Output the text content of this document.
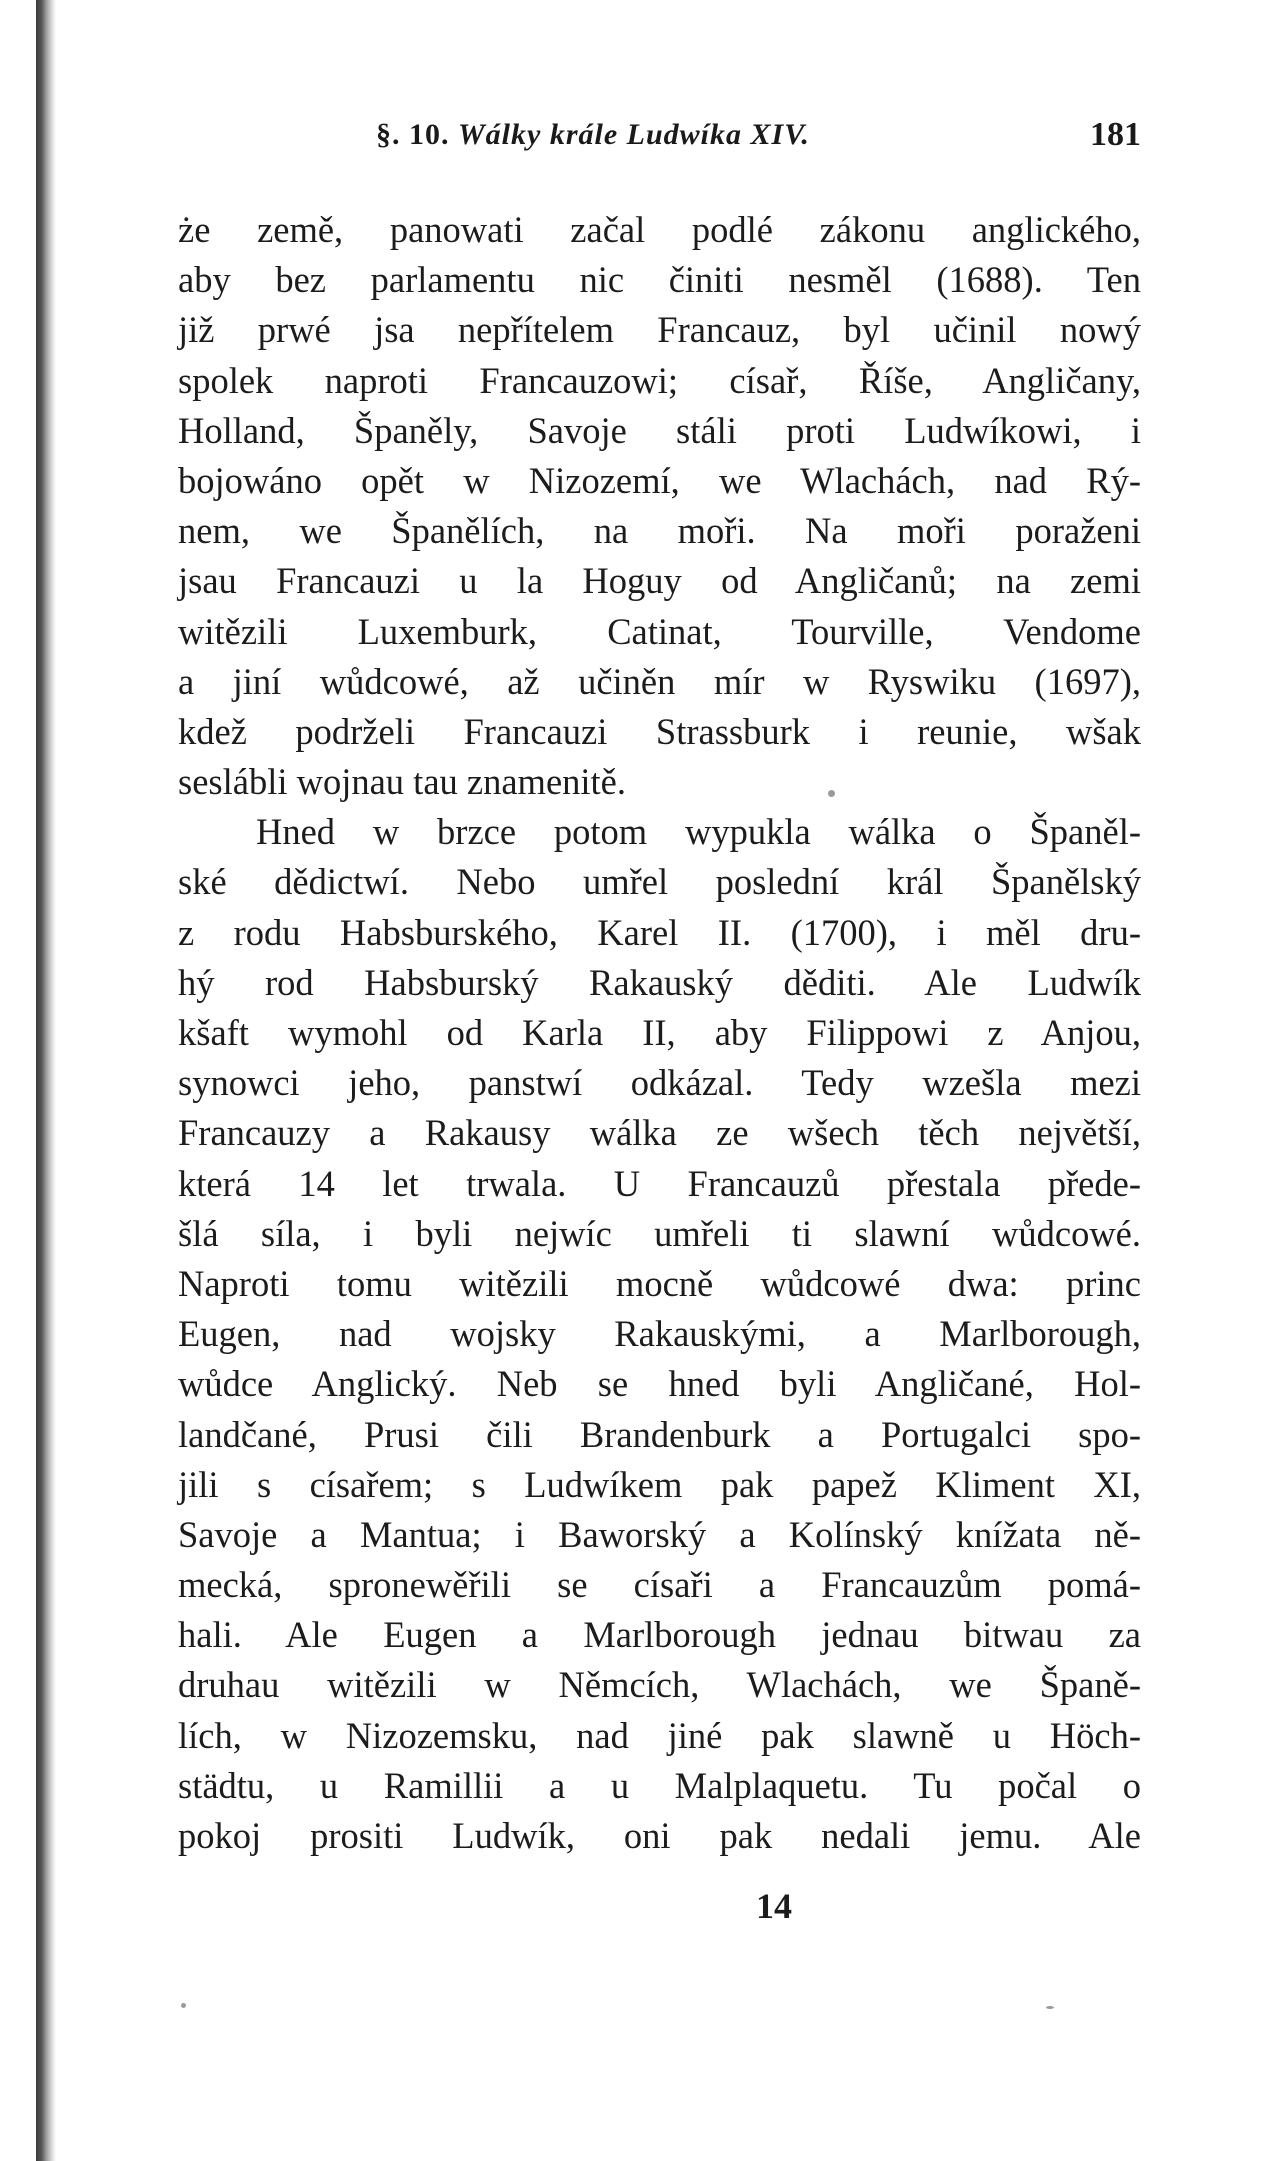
§. 10. Wálky krále Ludwíka XIV.	181
że země, panowati začal podlé zákonu anglického,
aby bez parlamentu nic činiti nesměl (1688). Ten
již prwé jsa nepřítelem Francauz, byl učinil nowý
spolek naproti Francauzowi; císař, Říše, Angličany,
Holland, Španěly, Savoje stáli proti Ludwíkowi, i
bojowáno opět w Nizozemí, we Wlachách, nad Rý-
nem, we Španělích, na moři. Na moři poraženi
jsau Francauzi u la Hoguy od Angličanů; na zemi
witězili Luxemburk, Catinat, Tourville, Vendome
a jiní wůdcowé, až učiněn mír w Ryswiku (1697),
kdež podrželi Francauzi Strassburk i reunie, wšak
seslábli wojnau tau znamenitě.
Hned w brzce potom wypukla wálka o Španěl-
ské dědictwí. Nebo umřel poslední král Španělský
z rodu Habsburského, Karel II. (1700), i měl dru-
hý rod Habsburský Rakauský děditi. Ale Ludwík
kšaft wymohl od Karla II, aby Filippowi z Anjou,
synowci jeho, panstwí odkázal. Tedy wzešla mezi
Francauzy a Rakausy wálka ze wšech těch největší,
která 14 let trwala. U Francauzů přestala přede-
šlá síla, i byli nejwíc umřeli ti slawní wůdcowé.
Naproti tomu witězili mocně wůdcowé dwa: princ
Eugen, nad wojsky Rakauskými, a Marlborough,
wůdce Anglický. Neb se hned byli Angličané, Hol-
landčané, Prusi čili Brandenburk a Portugalci spo-
jili s císařem; s Ludwíkem pak papež Kliment XI,
Savoje a Mantua; i Baworský a Kolínský knížata ně-
mecká, spronewěřili se císaři a Francauzům pomá-
hali. Ale Eugen a Marlborough jednau bitwau za
druhau witězili w Němcích, Wlachách, we Španě-
lích, w Nizozemsku, nad jiné pak slawně u Höch-
städtu, u Ramillii a u Malplaquetu. Tu počal o
pokoj prositi Ludwík, oni pak nedali jemu. Ale
14
